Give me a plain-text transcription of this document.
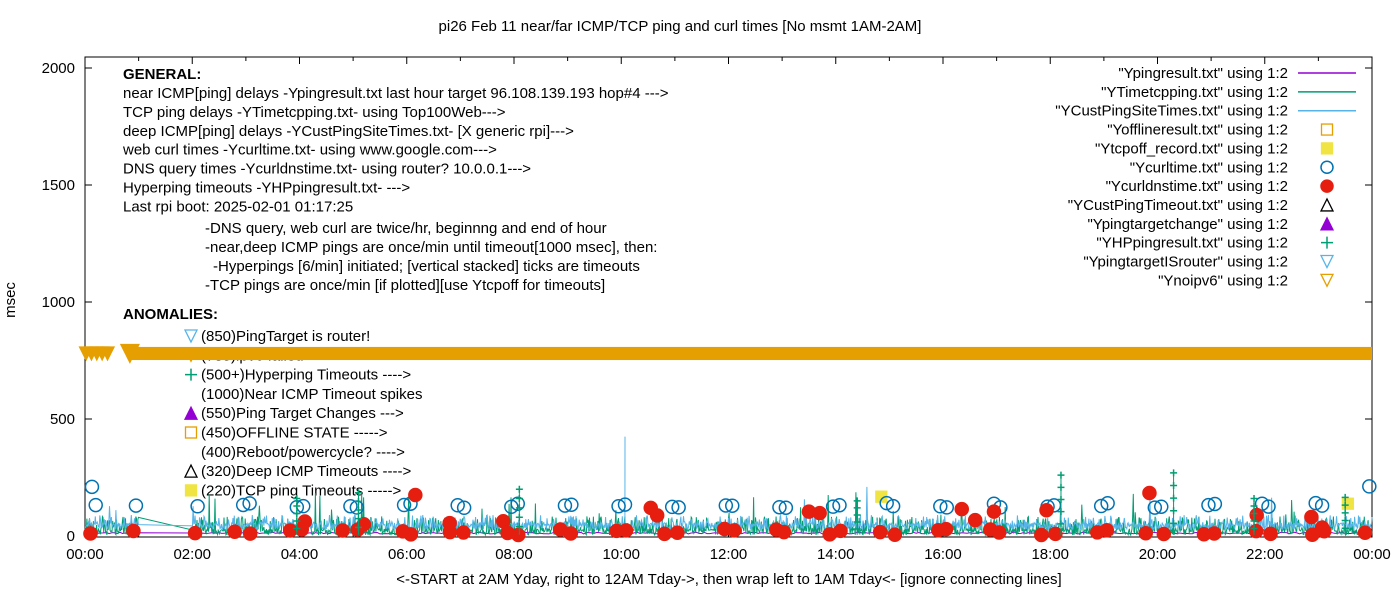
pi26 Feb 11 near/far ICMP/TCP ping and curl times [No msmt 1AM-2AM]
msec
<-START at 2AM Yday, right to 12AM Tday->, then wrap left to 1AM Tday<- [ignore connecting lines]
0
500
1000
1500
2000
00:00	02:00	04:00	06:00	08:00	10:00	12:00	14:00	16:00	18:00	20:00	22:00	00:00
GENERAL:
near ICMP[ping] delays -Ypingresult.txt last hour target 96.108.139.193 hop#4 --->
TCP ping delays -YTimetcpping.txt- using Top100Web--->
deep ICMP[ping] delays -YCustPingSiteTimes.txt- [X generic rpi]--->
web curl times -Ycurltime.txt- using www.google.com--->
DNS query times -Ycurldnstime.txt- using router? 10.0.0.1--->
Hyperping timeouts -YHPpingresult.txt- --->
Last rpi boot: 2025-02-01 01:17:25
-DNS query, web curl are twice/hr, beginnng and end of hour
-near,deep ICMP pings are once/min until timeout[1000 msec], then:
-Hyperpings [6/min] initiated; [vertical stacked] ticks are timeouts
-TCP pings are once/min [if plotted][use Ytcpoff for timeouts]
ANOMALIES:
(850)PingTarget is router!
(500+)Hyperping Timeouts ---->
(1000)Near ICMP Timeout spikes
(550)Ping Target Changes --->
(450)OFFLINE STATE ----->
(400)Reboot/powercycle? ---->
(320)Deep ICMP Timeouts ---->
(220)TCP ping Timeouts ----->
"Ypingresult.txt" using 1:2
"YTimetcpping.txt" using 1:2
"YCustPingSiteTimes.txt" using 1:2
"Yofflineresult.txt" using 1:2
"Ytcpoff_record.txt" using 1:2
"Ycurltime.txt" using 1:2
"Ycurldnstime.txt" using 1:2
"YCustPingTimeout.txt" using 1:2
"Ypingtargetchange" using 1:2
"YHPpingresult.txt" using 1:2
"YpingtargetISrouter" using 1:2
"Ynoipv6" using 1:2
